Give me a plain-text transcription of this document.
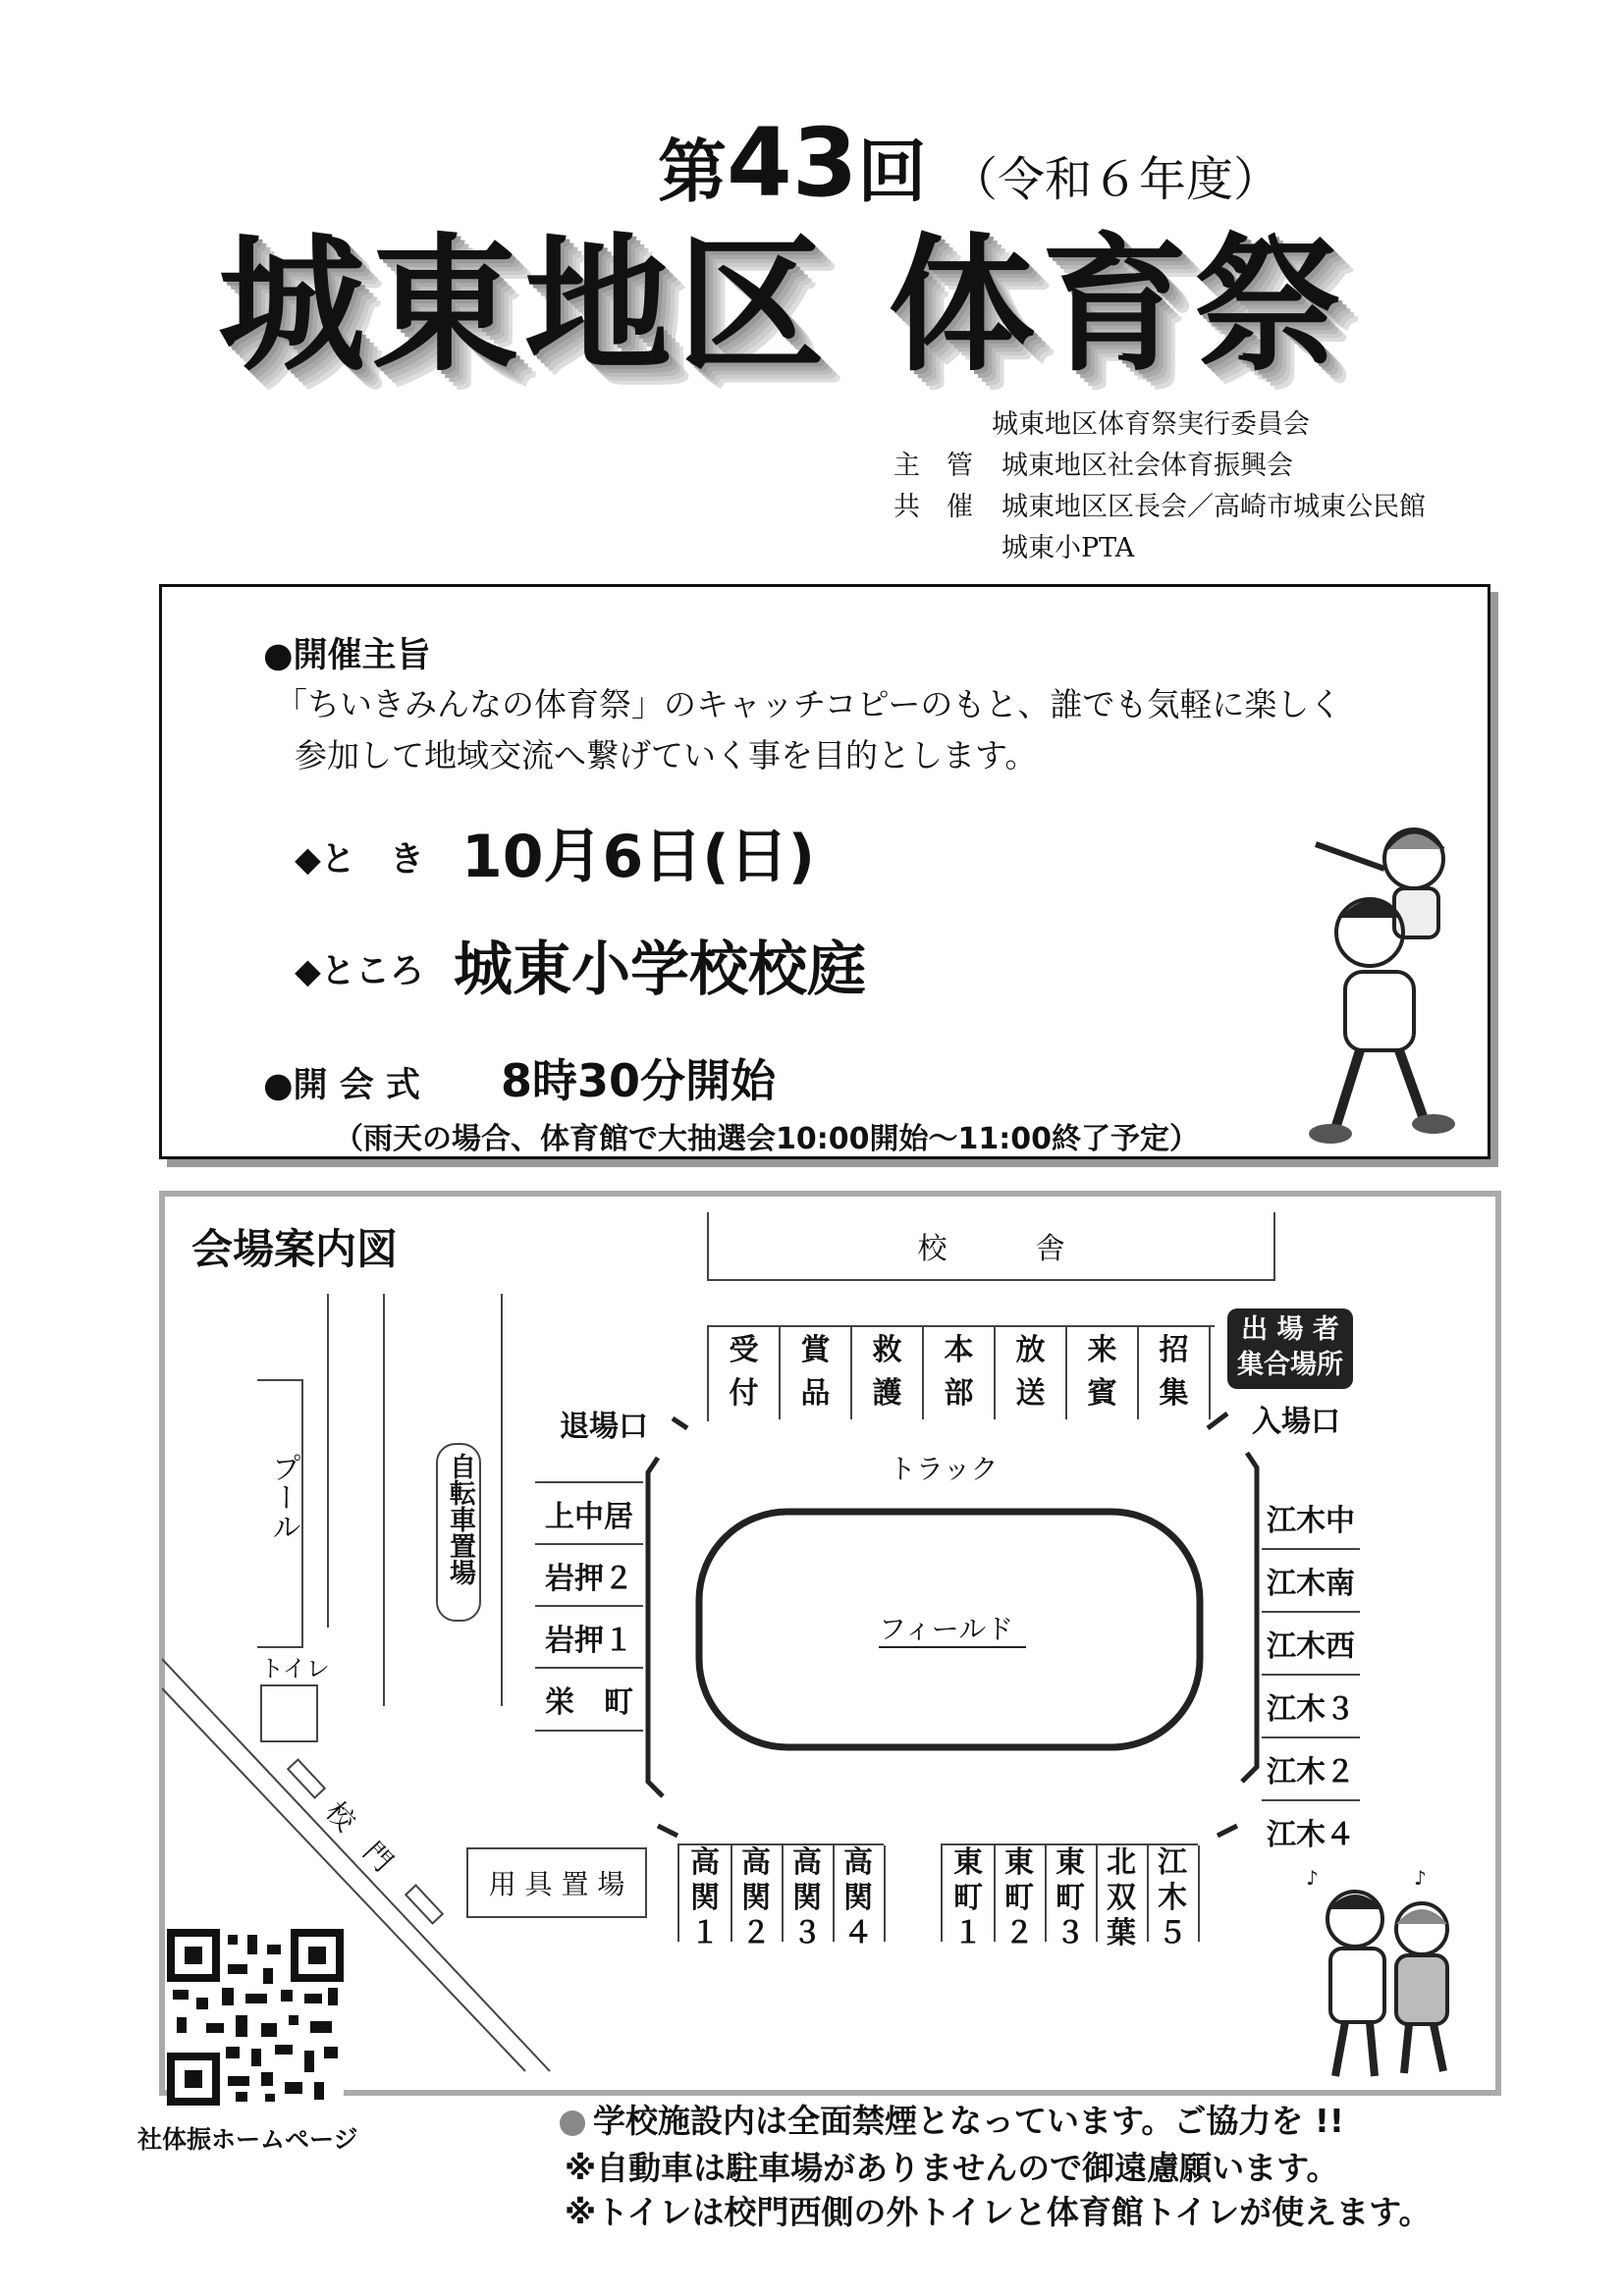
第43回 （令和６年度）
城東地区 体育祭
城東地区体育祭実行委員会
主　管 城東地区社会体育振興会
共　催 城東地区区長会／高崎市城東公民館
城東小PTA
●開催主旨
「ちいきみんなの体育祭」のキャッチコピーのもと、誰でも気軽に楽しく
参加して地域交流へ繋げていく事を目的とします。
◆と　き 10月6日(日)
◆ところ 城東小学校校庭
●開 会 式 8時30分開始
（雨天の場合、体育館で大抽選会10:00開始～11:00終了予定）
会場案内図	校　　　舎
受
付
賞
品
救
護
本
部
放
送
来
賓
招
集
出 場 者
集合場所
退場口	入場口
トラック
フィールド
上中居
岩押２
岩押１
栄　町
江木中
江木南
江木西
江木３
江木２
江木４
高
関
１
高
関
２
高
関
３
高
関
４
東
町
１
東
町
２
東
町
３
北
双
葉
江
木
５
用 具 置 場
プール	自転車置場
トイレ
校　門
♪	♪
社体振ホームページ	学校施設内は全面禁煙となっています。ご協力を !!
※自動車は駐車場がありませんので御遠慮願います。
※トイレは校門西側の外トイレと体育館トイレが使えます。
